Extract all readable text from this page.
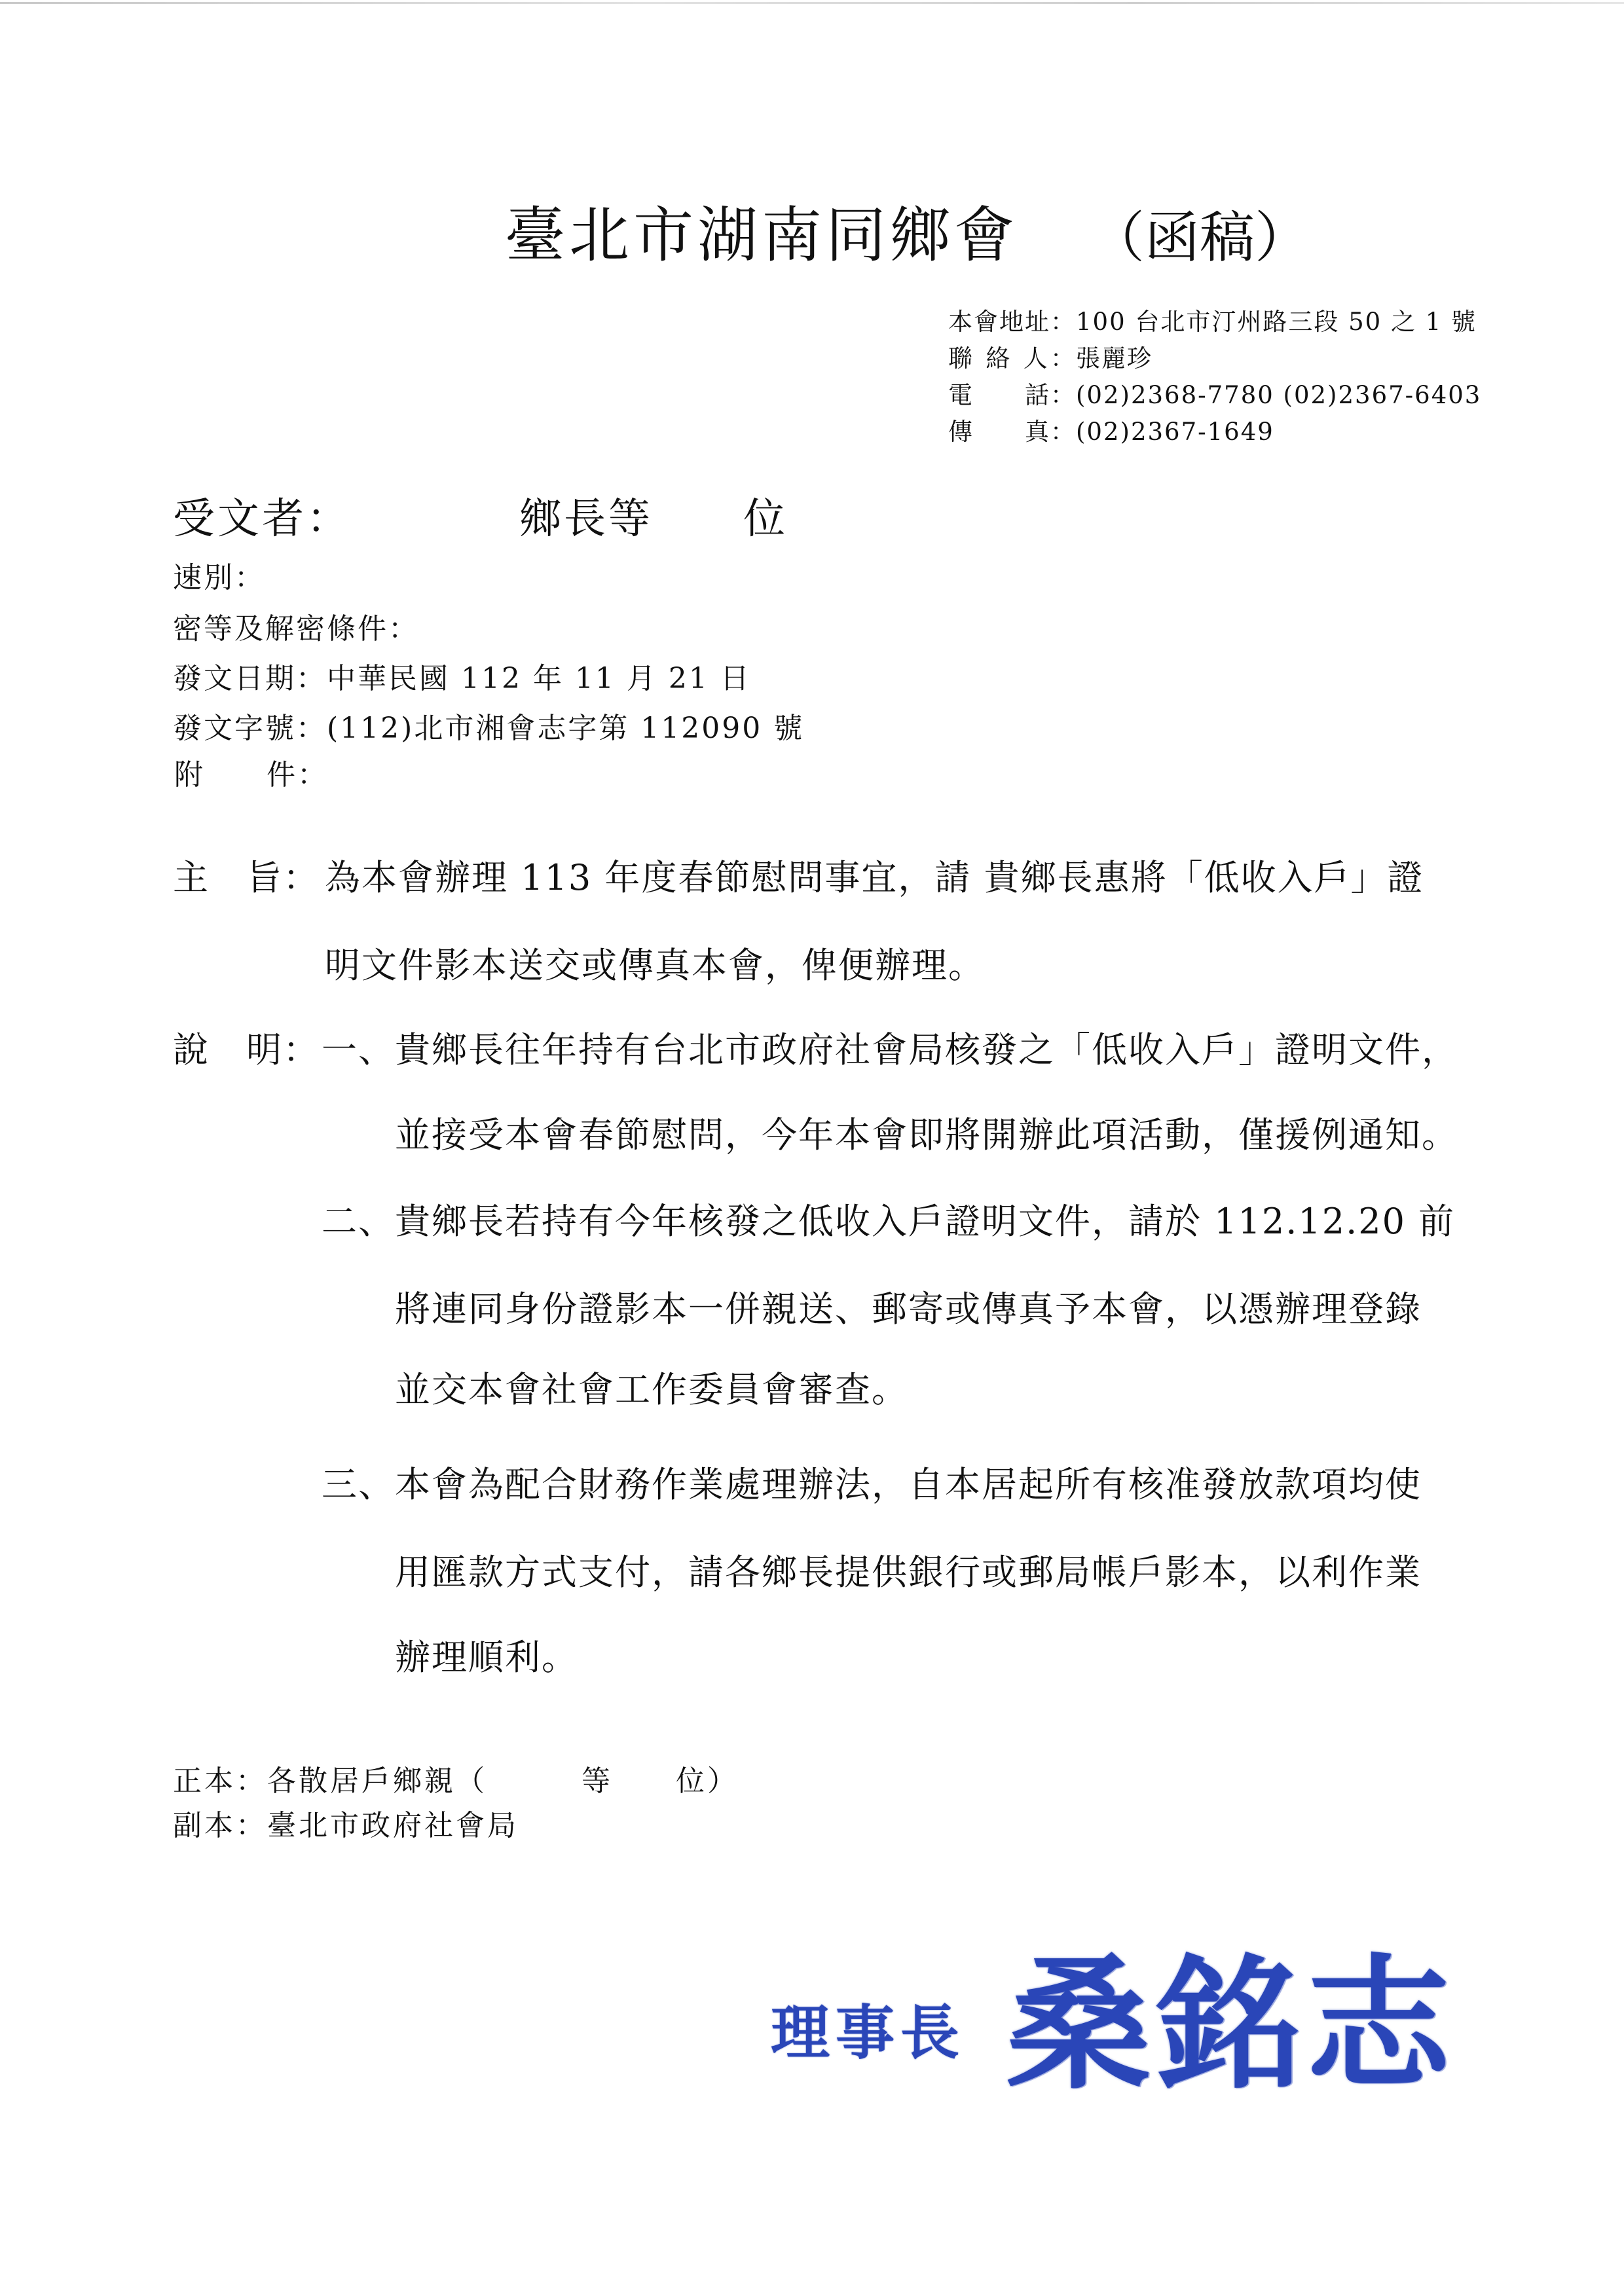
臺北市湖南同鄉會 （函稿）
本會地址：100 台北市汀州路三段 50 之 1 號
聯 絡 人：張麗珍
電　　話：(02)2368-7780 (02)2367-6403
傳　　真：(02)2367-1649
受文者：	鄉長等 位
速別：
密等及解密條件：
發文日期：中華民國 112 年 11 月 21 日
發文字號：(112)北市湘會志字第 112090 號
附　　件：
主　旨： 為本會辦理 113 年度春節慰問事宜，請 貴鄉長惠將「低收入戶」證
明文件影本送交或傳真本會，俾便辦理。
說　明： 一、 貴鄉長往年持有台北市政府社會局核發之「低收入戶」證明文件，
並接受本會春節慰問，今年本會即將開辦此項活動，僅援例通知。
二、 貴鄉長若持有今年核發之低收入戶證明文件，請於 112.12.20 前
將連同身份證影本一併親送、郵寄或傳真予本會，以憑辦理登錄
並交本會社會工作委員會審查。
三、 本會為配合財務作業處理辦法，自本居起所有核准發放款項均使
用匯款方式支付，請各鄉長提供銀行或郵局帳戶影本，以利作業
辦理順利。
正本：各散居戶鄉親（　　　等　　位）
副本：臺北市政府社會局
理事長 桑銘志
